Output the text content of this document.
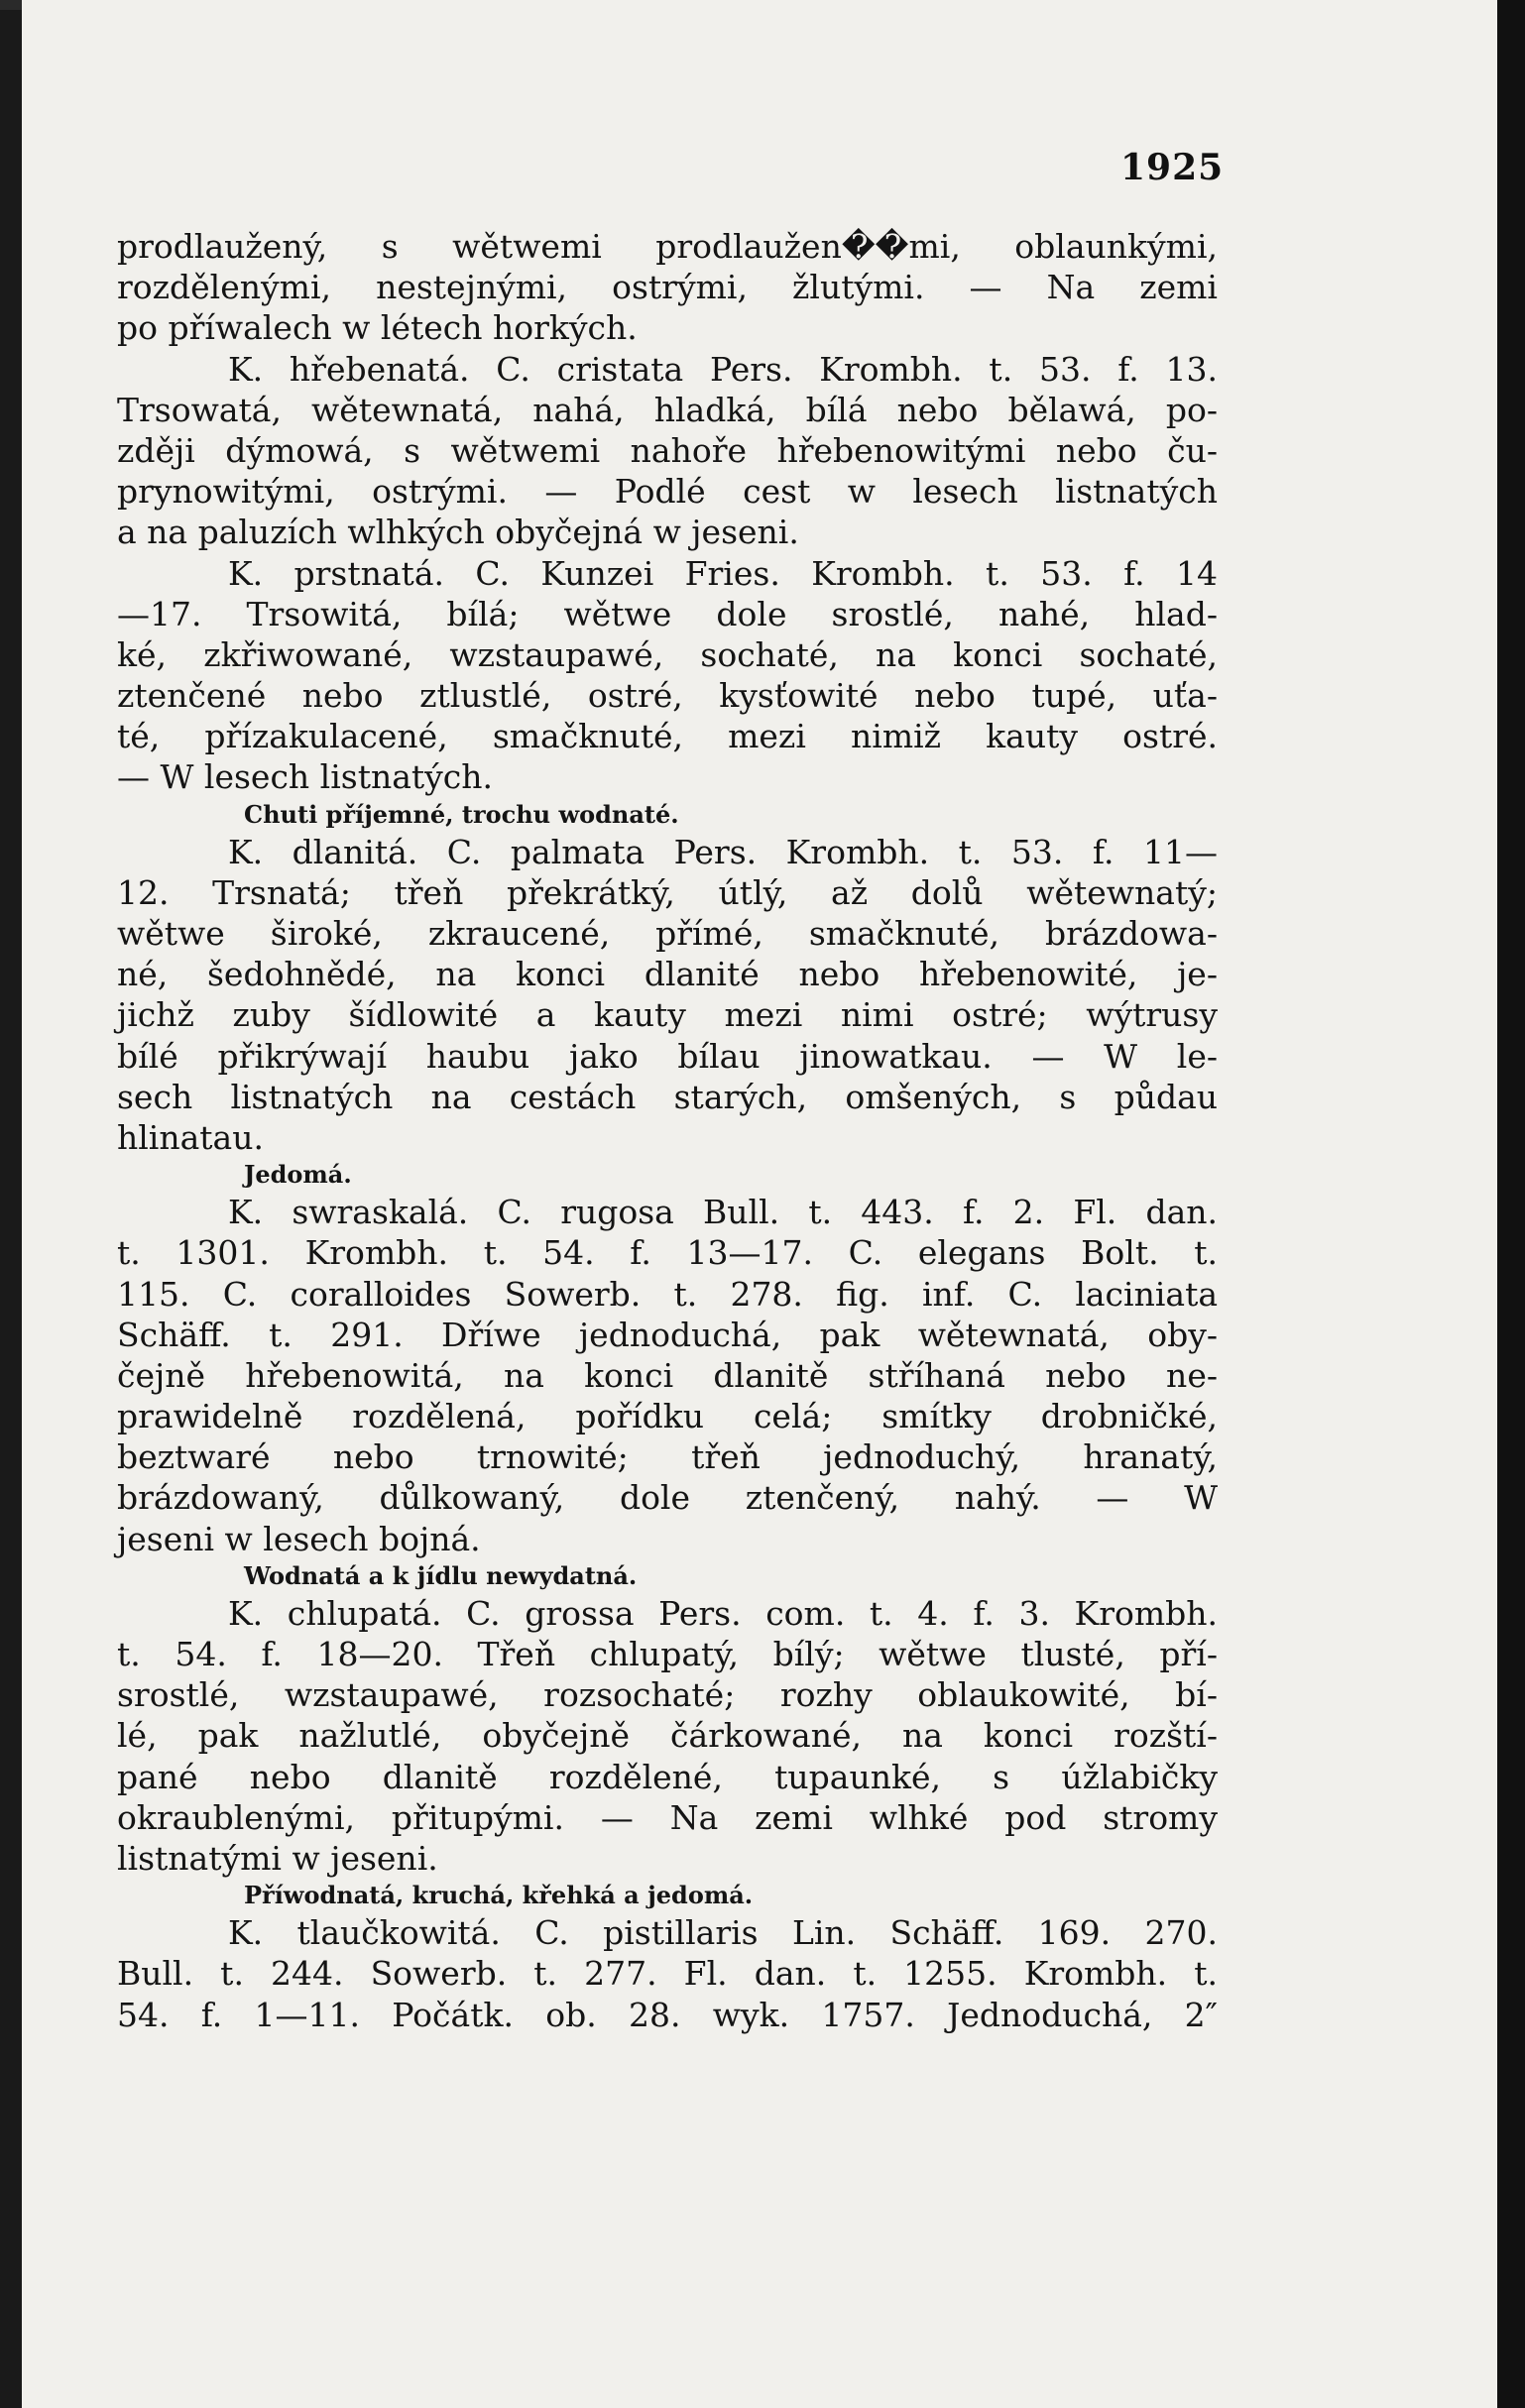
1925
prodlaužený, s wětwemi prodlaužen��mi, oblaunkými,
rozdělenými, nestejnými, ostrými, žlutými. — Na zemi
po příwalech w létech horkých.
K. hřebenatá. C. cristata Pers. Krombh. t. 53. f. 13.
Trsowatá, wětewnatá, nahá, hladká, bílá nebo bělawá, po-
zději dýmowá, s wětwemi nahoře hřebenowitými nebo ču-
prynowitými, ostrými. — Podlé cest w lesech listnatých
a na paluzích wlhkých obyčejná w jeseni.
K. prstnatá. C. Kunzei Fries. Krombh. t. 53. f. 14
—17. Trsowitá, bílá; wětwe dole srostlé, nahé, hlad-
ké, zkřiwowané, wzstaupawé, sochaté, na konci sochaté,
ztenčené nebo ztlustlé, ostré, kysťowité nebo tupé, uťa-
té, přízakulacené, smačknuté, mezi nimiž kauty ostré.
— W lesech listnatých.
Chuti příjemné, trochu wodnaté.
K. dlanitá. C. palmata Pers. Krombh. t. 53. f. 11—
12. Trsnatá; třeň překrátký, útlý, až dolů wětewnatý;
wětwe široké, zkraucené, přímé, smačknuté, brázdowa-
né, šedohnědé, na konci dlanité nebo hřebenowité, je-
jichž zuby šídlowité a kauty mezi nimi ostré; wýtrusy
bílé přikrýwají haubu jako bílau jinowatkau. — W le-
sech listnatých na cestách starých, omšených, s půdau
hlinatau.
Jedomá.
K. swraskalá. C. rugosa Bull. t. 443. f. 2. Fl. dan.
t. 1301. Krombh. t. 54. f. 13—17. C. elegans Bolt. t.
115. C. coralloides Sowerb. t. 278. fig. inf. C. laciniata
Schäff. t. 291. Dříwe jednoduchá, pak wětewnatá, oby-
čejně hřebenowitá, na konci dlanitě stříhaná nebo ne-
prawidelně rozdělená, pořídku celá; smítky drobničké,
beztwaré nebo trnowité; třeň jednoduchý, hranatý,
brázdowaný, důlkowaný, dole ztenčený, nahý. — W
jeseni w lesech bojná.
Wodnatá a k jídlu newydatná.
K. chlupatá. C. grossa Pers. com. t. 4. f. 3. Krombh.
t. 54. f. 18—20. Třeň chlupatý, bílý; wětwe tlusté, pří-
srostlé, wzstaupawé, rozsochaté; rozhy oblaukowité, bí-
lé, pak nažlutlé, obyčejně čárkowané, na konci rozští-
pané nebo dlanitě rozdělené, tupaunké, s úžlabičky
okraublenými, přitupými. — Na zemi wlhké pod stromy
listnatými w jeseni.
Příwodnatá, kruchá, křehká a jedomá.
K. tlaučkowitá. C. pistillaris Lin. Schäff. 169. 270.
Bull. t. 244. Sowerb. t. 277. Fl. dan. t. 1255. Krombh. t.
54. f. 1—11. Počátk. ob. 28. wyk. 1757. Jednoduchá, 2″
